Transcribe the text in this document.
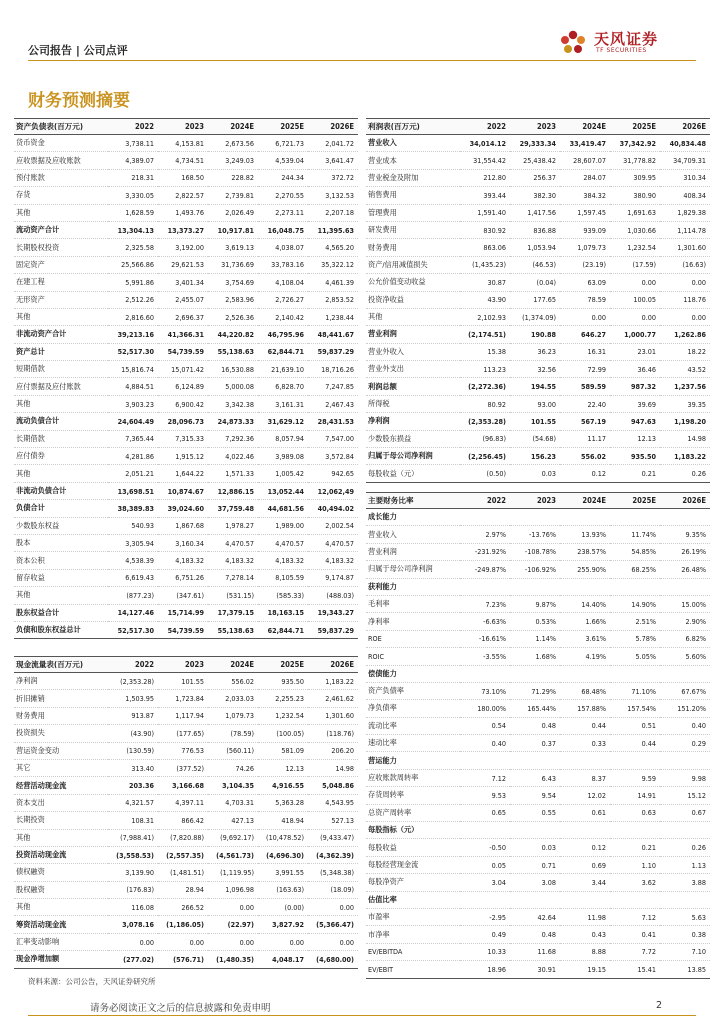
公司报告 | 公司点评
天风证券
TF SECURITIES
财务预测摘要
资产负债表(百万元)	2022	2023	2024E	2025E	2026E
货币资金	3,738.11	4,153.81	2,673.56	6,721.73	2,041.72
应收票据及应收账款	4,389.07	4,734.51	3,249.03	4,539.04	3,641.47
预付账款	218.31	168.50	228.82	244.34	372.72
存货	3,330.05	2,822.57	2,739.81	2,270.55	3,132.53
其他	1,628.59	1,493.76	2,026.49	2,273.11	2,207.18
流动资产合计	13,304.13	13,373.27	10,917.81	16,048.75	11,395.63
长期股权投资	2,325.58	3,192.00	3,619.13	4,038.07	4,565.20
固定资产	25,566.86	29,621.53	31,736.69	33,783.16	35,322.12
在建工程	5,991.86	3,401.34	3,754.69	4,108.04	4,461.39
无形资产	2,512.26	2,455.07	2,583.96	2,726.27	2,853.52
其他	2,816.60	2,696.37	2,526.36	2,140.42	1,238.44
非流动资产合计	39,213.16	41,366.31	44,220.82	46,795.96	48,441.67
资产总计	52,517.30	54,739.59	55,138.63	62,844.71	59,837.29
短期借款	15,816.74	15,071.42	16,530.88	21,639.10	18,716.26
应付票据及应付账款	4,884.51	6,124.89	5,000.08	6,828.70	7,247.85
其他	3,903.23	6,900.42	3,342.38	3,161.31	2,467.43
流动负债合计	24,604.49	28,096.73	24,873.33	31,629.12	28,431.53
长期借款	7,365.44	7,315.33	7,292.36	8,057.94	7,547.00
应付债券	4,281.86	1,915.12	4,022.46	3,989.08	3,572.84
其他	2,051.21	1,644.22	1,571.33	1,005.42	942.65
非流动负债合计	13,698.51	10,874.67	12,886.15	13,052.44	12,062,49
负债合计	38,389.83	39,024.60	37,759.48	44,681.56	40,494.02
少数股东权益	540.93	1,867.68	1,978.27	1,989.00	2,002.54
股本	3,305.94	3,160.34	4,470.57	4,470.57	4,470.57
资本公积	4,538.39	4,183.32	4,183.32	4,183.32	4,183.32
留存收益	6,619.43	6,751.26	7,278.14	8,105.59	9,174.87
其他	(877.23)	(347.61)	(531.15)	(585.33)	(488.03)
股东权益合计	14,127.46	15,714.99	17,379.15	18,163.15	19,343.27
负债和股东权益总计	52,517.30	54,739.59	55,138.63	62,844.71	59,837.29
利润表(百万元)	2022	2023	2024E	2025E	2026E
营业收入	34,014.12	29,333.34	33,419.47	37,342.92	40,834.48
营业成本	31,554.42	25,438.42	28,607.07	31,778.82	34,709.31
营业税金及附加	212.80	256.37	284.07	309.95	310.34
销售费用	393.44	382.30	384.32	380.90	408.34
管理费用	1,591.40	1,417.56	1,597.45	1,691.63	1,829.38
研发费用	830.92	836.88	939.09	1,030.66	1,114.78
财务费用	863.06	1,053.94	1,079.73	1,232.54	1,301.60
资产/信用减值损失	(1,435.23)	(46.53)	(23.19)	(17.59)	(16.63)
公允价值变动收益	30.87	(0.04)	63.09	0.00	0.00
投资净收益	43.90	177.65	78.59	100.05	118.76
其他	2,102.93	(1,374.09)	0.00	0.00	0.00
营业利润	(2,174.51)	190.88	646.27	1,000.77	1,262.86
营业外收入	15.38	36.23	16.31	23.01	18.22
营业外支出	113.23	32.56	72.99	36.46	43.52
利润总额	(2,272.36)	194.55	589.59	987.32	1,237.56
所得税	80.92	93.00	22.40	39.69	39.35
净利润	(2,353.28)	101.55	567.19	947.63	1,198.20
少数股东损益	(96.83)	(54.68)	11.17	12.13	14.98
归属于母公司净利润	(2,256.45)	156.23	556.02	935.50	1,183.22
每股收益（元）	(0.50)	0.03	0.12	0.21	0.26
现金流量表(百万元)	2022	2023	2024E	2025E	2026E
净利润	(2,353.28)	101.55	556.02	935.50	1,183.22
折旧摊销	1,503.95	1,723.84	2,033.03	2,255.23	2,461.62
财务费用	913.87	1,117.94	1,079.73	1,232.54	1,301.60
投资损失	(43.90)	(177.65)	(78.59)	(100.05)	(118.76)
营运资金变动	(130.59)	776.53	(560.11)	581.09	206.20
其它	313.40	(377.52)	74.26	12.13	14.98
经营活动现金流	203.36	3,166.68	3,104.35	4,916.55	5,048.86
资本支出	4,321.57	4,397.11	4,703.31	5,363.28	4,543.95
长期投资	108.31	866.42	427.13	418.94	527.13
其他	(7,988.41)	(7,820.88)	(9,692.17)	(10,478.52)	(9,433.47)
投资活动现金流	(3,558.53)	(2,557.35)	(4,561.73)	(4,696.30)	(4,362.39)
债权融资	3,139.90	(1,481.51)	(1,119.95)	3,991.55	(5,348.38)
股权融资	(176.83)	28.94	1,096.98	(163.63)	(18.09)
其他	116.08	266.52	0.00	(0.00)	0.00
筹资活动现金流	3,078.16	(1,186.05)	(22.97)	3,827.92	(5,366.47)
汇率变动影响	0.00	0.00	0.00	0.00	0.00
现金净增加额	(277.02)	(576.71)	(1,480.35)	4,048.17	(4,680.00)
主要财务比率	2022	2023	2024E	2025E	2026E
成长能力					
营业收入	2.97%	-13.76%	13.93%	11.74%	9.35%
营业利润	-231.92%	-108.78%	238.57%	54.85%	26.19%
归属于母公司净利润	-249.87%	-106.92%	255.90%	68.25%	26.48%
获利能力					
毛利率	7.23%	9.87%	14.40%	14.90%	15.00%
净利率	-6.63%	0.53%	1.66%	2.51%	2.90%
ROE	-16.61%	1.14%	3.61%	5.78%	6.82%
ROIC	-3.55%	1.68%	4.19%	5.05%	5.60%
偿债能力					
资产负债率	73.10%	71.29%	68.48%	71.10%	67.67%
净负债率	180.00%	165.44%	157.88%	157.54%	151.20%
流动比率	0.54	0.48	0.44	0.51	0.40
速动比率	0.40	0.37	0.33	0.44	0.29
营运能力					
应收账款周转率	7.12	6.43	8.37	9.59	9.98
存货周转率	9.53	9.54	12.02	14.91	15.12
总资产周转率	0.65	0.55	0.61	0.63	0.67
每股指标（元）					
每股收益	-0.50	0.03	0.12	0.21	0.26
每股经营现金流	0.05	0.71	0.69	1.10	1.13
每股净资产	3.04	3.08	3.44	3.62	3.88
估值比率					
市盈率	-2.95	42.64	11.98	7.12	5.63
市净率	0.49	0.48	0.43	0.41	0.38
EV/EBITDA	10.33	11.68	8.88	7.72	7.10
EV/EBIT	18.96	30.91	19.15	15.41	13.85
资料来源：公司公告，天风证券研究所
请务必阅读正文之后的信息披露和免责申明	2
